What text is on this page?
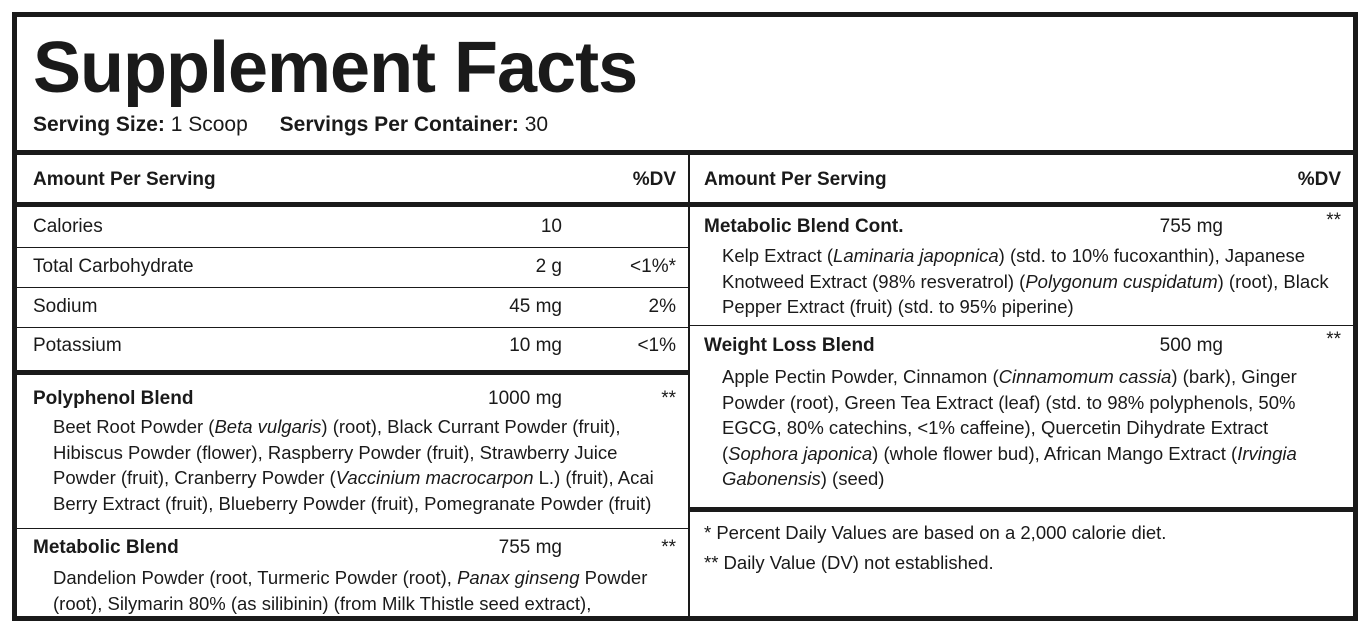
Supplement Facts
Serving Size: 1 Scoop Servings Per Container: 30
Amount Per Serving	%DV
Calories	10
Total Carbohydrate	2 g	<1%*
Sodium	45 mg	2%
Potassium	10 mg	<1%
Polyphenol Blend	1000 mg	**
Beet Root Powder (Beta vulgaris) (root), Black Currant Powder (fruit), Hibiscus Powder (flower), Raspberry Powder (fruit), Strawberry Juice Powder (fruit), Cranberry Powder (Vaccinium macrocarpon L.) (fruit), Acai Berry Extract (fruit), Blueberry Powder (fruit), Pomegranate Powder (fruit)
Metabolic Blend	755 mg	**
Dandelion Powder (root, Turmeric Powder (root), Panax ginseng Powder (root), Silymarin 80% (as silibinin) (from Milk Thistle seed extract),
Amount Per Serving	%DV
Metabolic Blend Cont.	755 mg	**
Kelp Extract (Laminaria japopnica) (std. to 10% fucoxanthin), Japanese Knotweed Extract (98% resveratrol) (Polygonum cuspidatum) (root), Black Pepper Extract (fruit) (std. to 95% piperine)
Weight Loss Blend	500 mg	**
Apple Pectin Powder, Cinnamon (Cinnamomum cassia) (bark), Ginger Powder (root), Green Tea Extract (leaf) (std. to 98% polyphenols, 50% EGCG, 80% catechins, <1% caffeine), Quercetin Dihydrate Extract (Sophora japonica) (whole flower bud), African Mango Extract (Irvingia Gabonensis) (seed)
* Percent Daily Values are based on a 2,000 calorie diet.
** Daily Value (DV) not established.
